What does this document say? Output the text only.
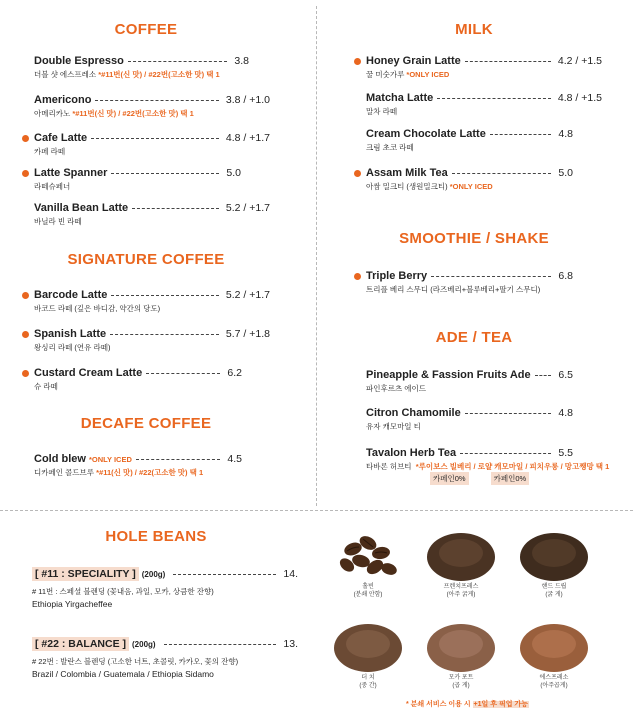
COFFEE
SIGNATURE COFFEE
DECAFE COFFEE
MILK
SMOOTHIE / SHAKE
ADE / TEA
HOLE BEANS
Double Espresso	3.8
더블 샷 에스프레소 *#11번(신 맛) / #22번(고소한 맛) 택 1
Americono	3.8 / +1.0
아메리카노 *#11번(신 맛) / #22번(고소한 맛) 택 1
Cafe Latte	4.8 / +1.7
카페 라떼
Latte Spanner	5.0
라떼슈페너
Vanilla Bean Latte	5.2 / +1.7
바닐라 빈 라떼
Barcode Latte	5.2 / +1.7
바코드 라떼 (깊은 바디감, 약간의 당도)
Spanish Latte	5.7 / +1.8
왕싱리 라떼 (연유 라떼)
Custard Cream Latte	6.2
슈 라떼
Cold blew *ONLY ICED	4.5
디카페인 콜드브루 *#11(신 맛) / #22(고소한 맛) 택 1
Honey Grain Latte	4.2 / +1.5
꿀 미숫가루 *ONLY ICED
Matcha Latte	4.8 / +1.5
말차 라떼
Cream Chocolate Latte	4.8
크림 초코 라떼
Assam Milk Tea	5.0
아쌈 밀크티 (생원밀크티) *ONLY ICED
Triple Berry	6.8
트리플 베리 스무디 (라즈베리+블루베리+딸기 스무디)
Pineapple & Fassion Fruits Ade	6.5
파인후르츠 에이드
Citron Chamomile	4.8
유자 캐모마일 티
Tavalon Herb Tea	5.5
타바론 허브티 *루이보스 빌베리 / 로얄 캐모마일 / 피치우롱 / 망고쨍망 택 1
카페인0%	카페인0%
[ #11 : SPECIALITY ] (200g)	14.
# 11번 : 스페셜 블렌딩 (꽃내음, 과일, 모카, 상큼한 잔향)
Ethiopia Yirgacheffee
[ #22 : BALANCE ] (200g)	13.
# 22번 : 발란스 블렌딩 (고소한 너트, 초콜릿, 카카오, 꽃의 잔향)
Brazil / Colombia / Guatemala / Ethiopia Sidamo
홀빈
(분쇄 안함)
프렌치프레스
(아주 굵게)
핸드 드립
(굵 게)
더 치
(중 간)
모카 포트
(곱 게)
에스프레소
(아주곱게)
* 분쇄 서비스 이용 시 +1일 후 픽업 가능
